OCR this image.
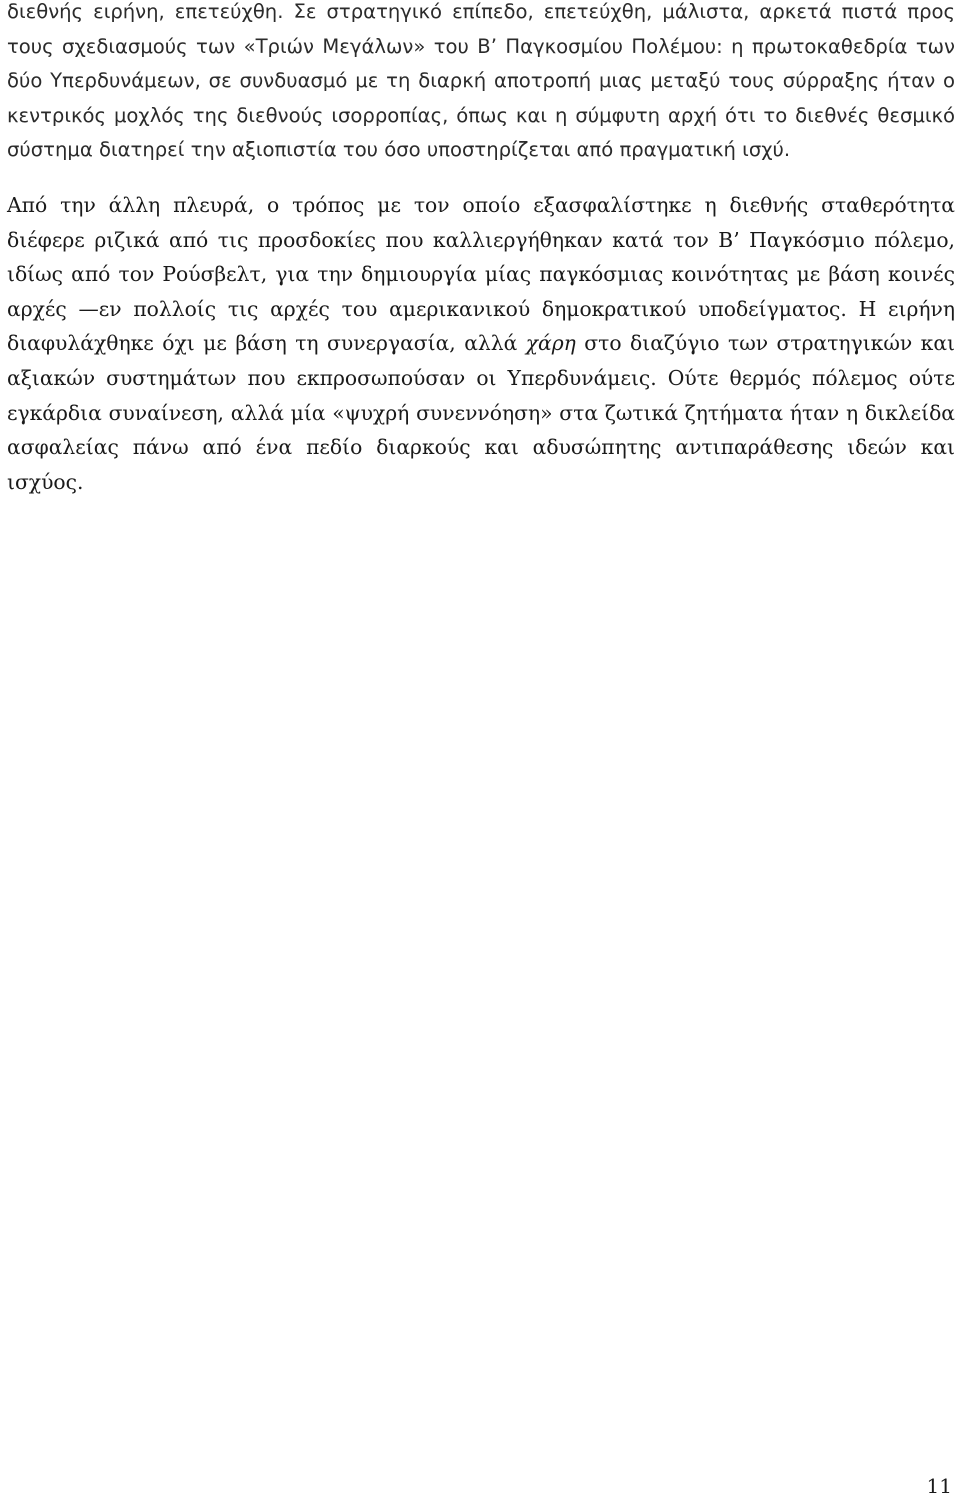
διεθνής ειρήνη, επετεύχθη. Σε στρατηγικό επίπεδο, επετεύχθη, μάλιστα, αρκετά πιστά προς τους σχεδιασμούς των «Τριών Μεγάλων» του Β’ Παγκοσμίου Πολέμου: η πρωτοκαθεδρία των δύο Υπερδυνάμεων, σε συνδυασμό με τη διαρκή αποτροπή μιας μεταξύ τους σύρραξης ήταν ο κεντρικός μοχλός της διεθνούς ισορροπίας, όπως και η σύμφυτη αρχή ότι το διεθνές θεσμικό σύστημα διατηρεί την αξιοπιστία του όσο υποστηρίζεται από πραγματική ισχύ.

Από την άλλη πλευρά, ο τρόπος με τον οποίο εξασφαλίστηκε η διεθνής σταθερότητα διέφερε ριζικά από τις προσδοκίες που καλλιεργήθηκαν κατά τον Β’ Παγκόσμιο πόλεμο, ιδίως από τον Ρούσβελτ, για την δημιουργία μίας παγκόσμιας κοινότητας με βάση κοινές αρχές —εν πολλοίς τις αρχές του αμερικανικού δημοκρατικού υποδείγματος. Η ειρήνη διαφυλάχθηκε όχι με βάση τη συνεργασία, αλλά χάρη στο διαζύγιο των στρατηγικών και αξιακών συστημάτων που εκπροσωπούσαν οι Υπερδυνάμεις. Ούτε θερμός πόλεμος ούτε εγκάρδια συναίνεση, αλλά μία «ψυχρή συνεννόηση» στα ζωτικά ζητήματα ήταν η δικλείδα ασφαλείας πάνω από ένα πεδίο διαρκούς και αδυσώπητης αντιπαράθεσης ιδεών και ισχύος.

11
